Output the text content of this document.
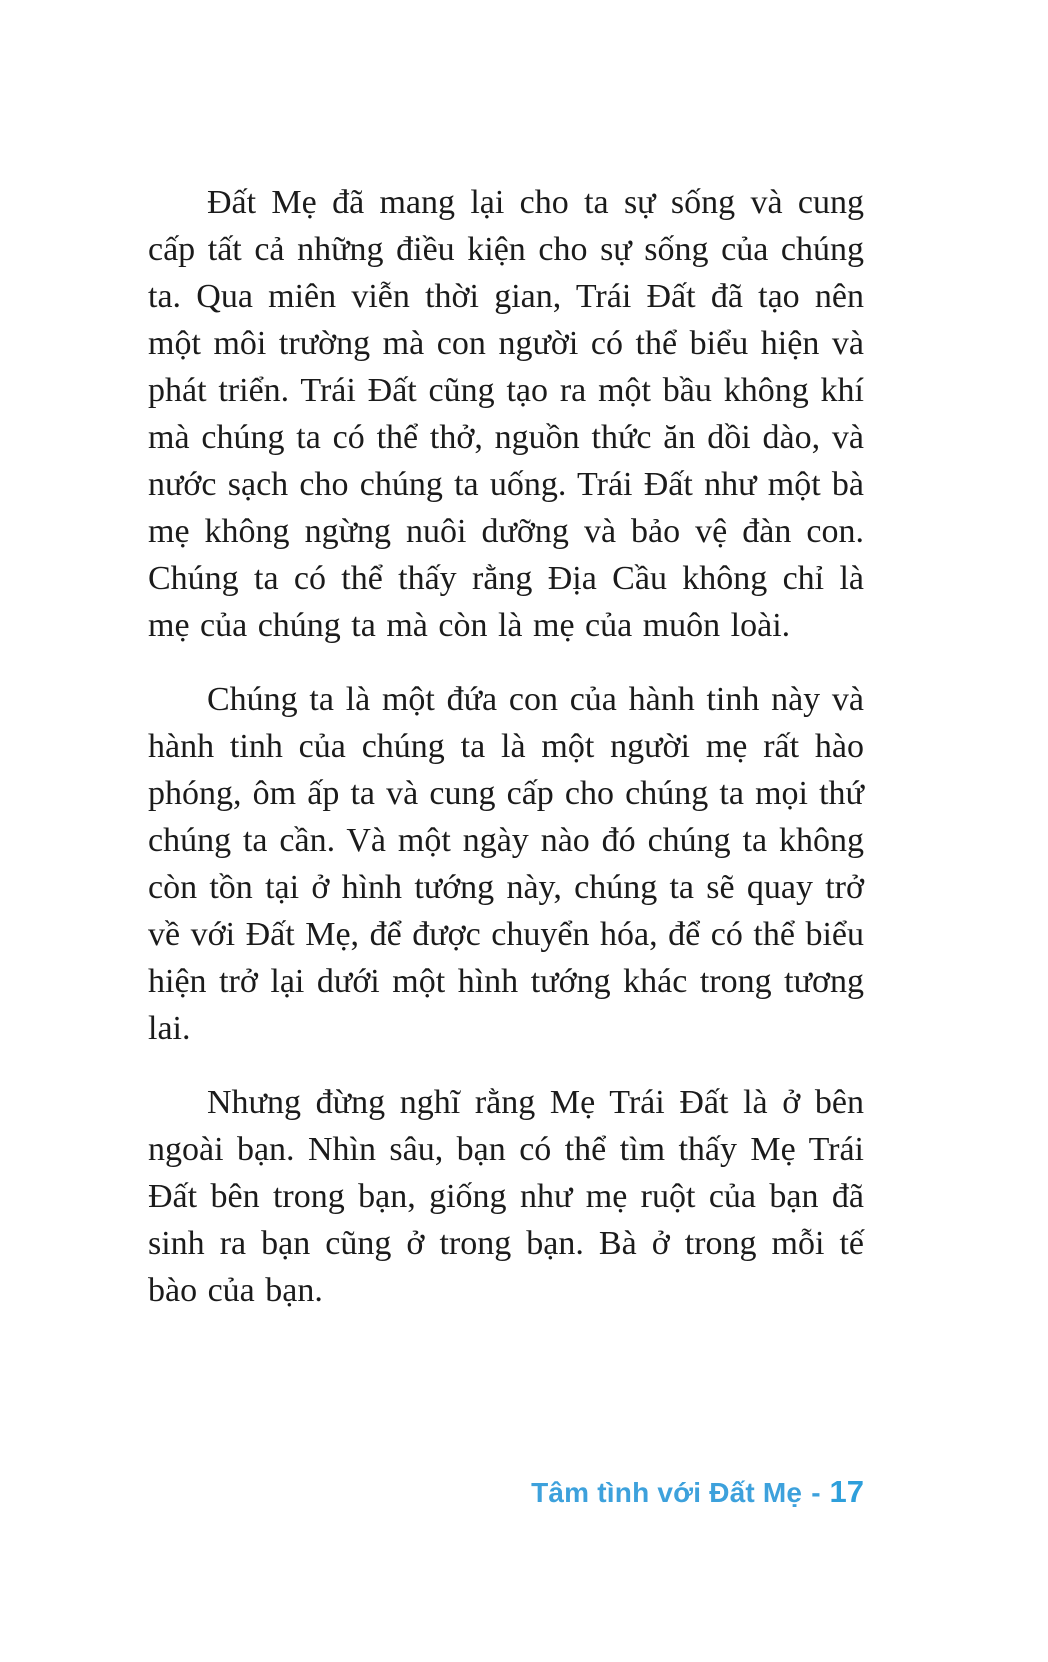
Đất Mẹ đã mang lại cho ta sự sống và cung cấp tất cả những điều kiện cho sự sống của chúng ta. Qua miên viễn thời gian, Trái Đất đã tạo nên một môi trường mà con người có thể biểu hiện và phát triển. Trái Đất cũng tạo ra một bầu không khí mà chúng ta có thể thở, nguồn thức ăn dồi dào, và nước sạch cho chúng ta uống. Trái Đất như một bà mẹ không ngừng nuôi dưỡng và bảo vệ đàn con. Chúng ta có thể thấy rằng Địa Cầu không chỉ là mẹ của chúng ta mà còn là mẹ của muôn loài.

Chúng ta là một đứa con của hành tinh này và hành tinh của chúng ta là một người mẹ rất hào phóng, ôm ấp ta và cung cấp cho chúng ta mọi thứ chúng ta cần. Và một ngày nào đó chúng ta không còn tồn tại ở hình tướng này, chúng ta sẽ quay trở về với Đất Mẹ, để được chuyển hóa, để có thể biểu hiện trở lại dưới một hình tướng khác trong tương lai.

Nhưng đừng nghĩ rằng Mẹ Trái Đất là ở bên ngoài bạn. Nhìn sâu, bạn có thể tìm thấy Mẹ Trái Đất bên trong bạn, giống như mẹ ruột của bạn đã sinh ra bạn cũng ở trong bạn. Bà ở trong mỗi tế bào của bạn.

Tâm tình với Đất Mẹ - 17
